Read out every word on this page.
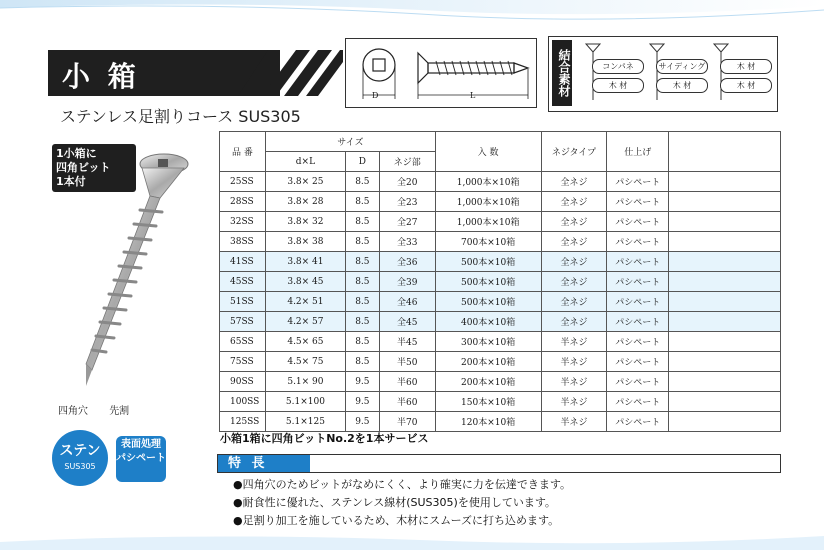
小 箱
ステンレス足割りコース SUS305
D	L	結合素材	コンパネ
木 材
サイディング
木 材
木 材
木 材
1小箱に
四角ビット
1本付
四角穴 先割
ステン
SUS305
表面処理
パシペート
品 番	サイズ			入 数	ネジタイプ	仕上げ	
	d×L	D	ネジ部				
25SS	3.8× 25	8.5	全20	1,000本×10箱	全ネジ	パシペート	
28SS	3.8× 28	8.5	全23	1,000本×10箱	全ネジ	パシペート	
32SS	3.8× 32	8.5	全27	1,000本×10箱	全ネジ	パシペート	
38SS	3.8× 38	8.5	全33	700本×10箱	全ネジ	パシペート	
41SS	3.8× 41	8.5	全36	500本×10箱	全ネジ	パシペート	
45SS	3.8× 45	8.5	全39	500本×10箱	全ネジ	パシペート	
51SS	4.2× 51	8.5	全46	500本×10箱	全ネジ	パシペート	
57SS	4.2× 57	8.5	全45	400本×10箱	全ネジ	パシペート	
65SS	4.5× 65	8.5	半45	300本×10箱	半ネジ	パシペート	
75SS	4.5× 75	8.5	半50	200本×10箱	半ネジ	パシペート	
90SS	5.1× 90	9.5	半60	200本×10箱	半ネジ	パシペート	
100SS	5.1×100	9.5	半60	150本×10箱	半ネジ	パシペート	
125SS	5.1×125	9.5	半70	120本×10箱	半ネジ	パシペート	
小箱1箱に四角ビットNo.2を1本サービス
特 長
●四角穴のためビットがなめにくく、より確実に力を伝達できます。
●耐食性に優れた、ステンレス線材(SUS305)を使用しています。
●足割り加工を施しているため、木材にスムーズに打ち込めます。
